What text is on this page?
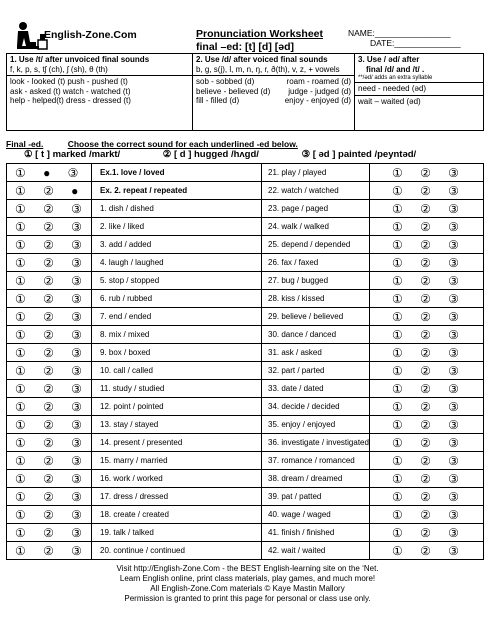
English-Zone.Com	Pronunciation Worksheet
final –ed: [t] [d] [əd]
NAME:________________
DATE:______________
1. Use /t/ after unvoiced final sounds
f, k, p, s, tʃ (ch), ʃ (sh), θ (th)
look - looked (t) push - pushed (t)
ask - asked (t) watch - watched (t)
help - helped(t) dress - dressed (t)
2. Use /d/ after voiced final sounds
b, g, s(j), l, m, n, ŋ, r, ð(th), v, z, + vowels
sob - sobbed (d)	roam - roamed (d)
believe - believed (d) judge - judged (d)
fill - filled (d)	enjoy - enjoyed (d)
3. Use / əd/ after
final /d/ and /t/ .
**/əd/ adds an extra syllable
need - needed (əd)
wait – waited (əd)
Final -ed.	Choose the correct sound for each underlined -ed below.
① [ t ] marked /markt/	② [ d ] hugged /hʌgd/	③ [ əd ] painted /peyntəd/
① ● ③	Ex.1. love / loved	21. play / played	① ② ③
① ② ●	Ex. 2. repeat / repeated	22. watch / watched	① ② ③
① ② ③	1. dish / dished	23. page / paged	① ② ③
① ② ③	2. like / liked	24. walk / walked	① ② ③
① ② ③	3. add / added	25. depend / depended	① ② ③
① ② ③	4. laugh / laughed	26. fax / faxed	① ② ③
① ② ③	5. stop / stopped	27. bug / bugged	① ② ③
① ② ③	6. rub / rubbed	28. kiss / kissed	① ② ③
① ② ③	7. end / ended	29. believe / believed	① ② ③
① ② ③	8. mix / mixed	30. dance / danced	① ② ③
① ② ③	9. box / boxed	31. ask / asked	① ② ③
① ② ③	10. call / called	32. part / parted	① ② ③
① ② ③	11. study / studied	33. date / dated	① ② ③
① ② ③	12. point / pointed	34. decide / decided	① ② ③
① ② ③	13. stay / stayed	35. enjoy / enjoyed	① ② ③
① ② ③	14. present / presented	36. investigate / investigated	① ② ③
① ② ③	15. marry / married	37. romance / romanced	① ② ③
① ② ③	16. work / worked	38. dream / dreamed	① ② ③
① ② ③	17. dress / dressed	39. pat / patted	① ② ③
① ② ③	18. create / created	40. wage / waged	① ② ③
① ② ③	19. talk / talked	41. finish / finished	① ② ③
① ② ③	20. continue / continued	42. wait / waited	① ② ③
Visit http://English-Zone.Com - the BEST English-learning site on the ‘Net.
Learn English online, print class materials, play games, and much more!
All English-Zone.Com materials © Kaye Mastin Mallory
Permission is granted to print this page for personal or class use only.
